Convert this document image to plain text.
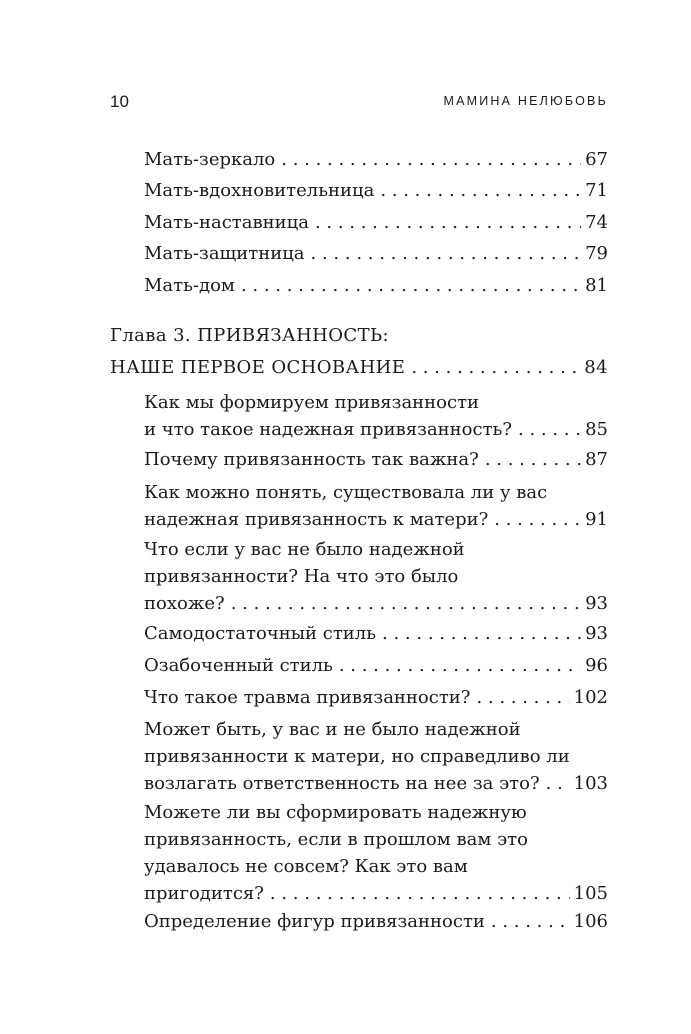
10	МАМИНА НЕЛЮБОВЬ
Мать-зеркало . . .	67
Мать-вдохновительница . . .	71
Мать-наставница . . .	74
Мать-защитница . . .	79
Мать-дом . . .	81
Глава 3. ПРИВЯЗАННОСТЬ:
НАШЕ ПЕРВОЕ ОСНОВАНИЕ . . .	84
Как мы формируем привязанности
и что такое надежная привязанность? . . .	85
Почему привязанность так важна? . . .	87
Как можно понять, существовала ли у вас
надежная привязанность к матери? . . .	91
Что если у вас не было надежной
привязанности? На что это было
похоже? . . .	93
Самодостаточный стиль . . .	93
Озабоченный стиль . . .	96
Что такое травма привязанности? . . .	102
Может быть, у вас и не было надежной
привязанности к матери, но справедливо ли
возлагать ответственность на нее за это? . . . 103
Можете ли вы сформировать надежную
привязанность, если в прошлом вам это
удавалось не совсем? Как это вам
пригодится? . . .	105
Определение фигур привязанности . . .	106
